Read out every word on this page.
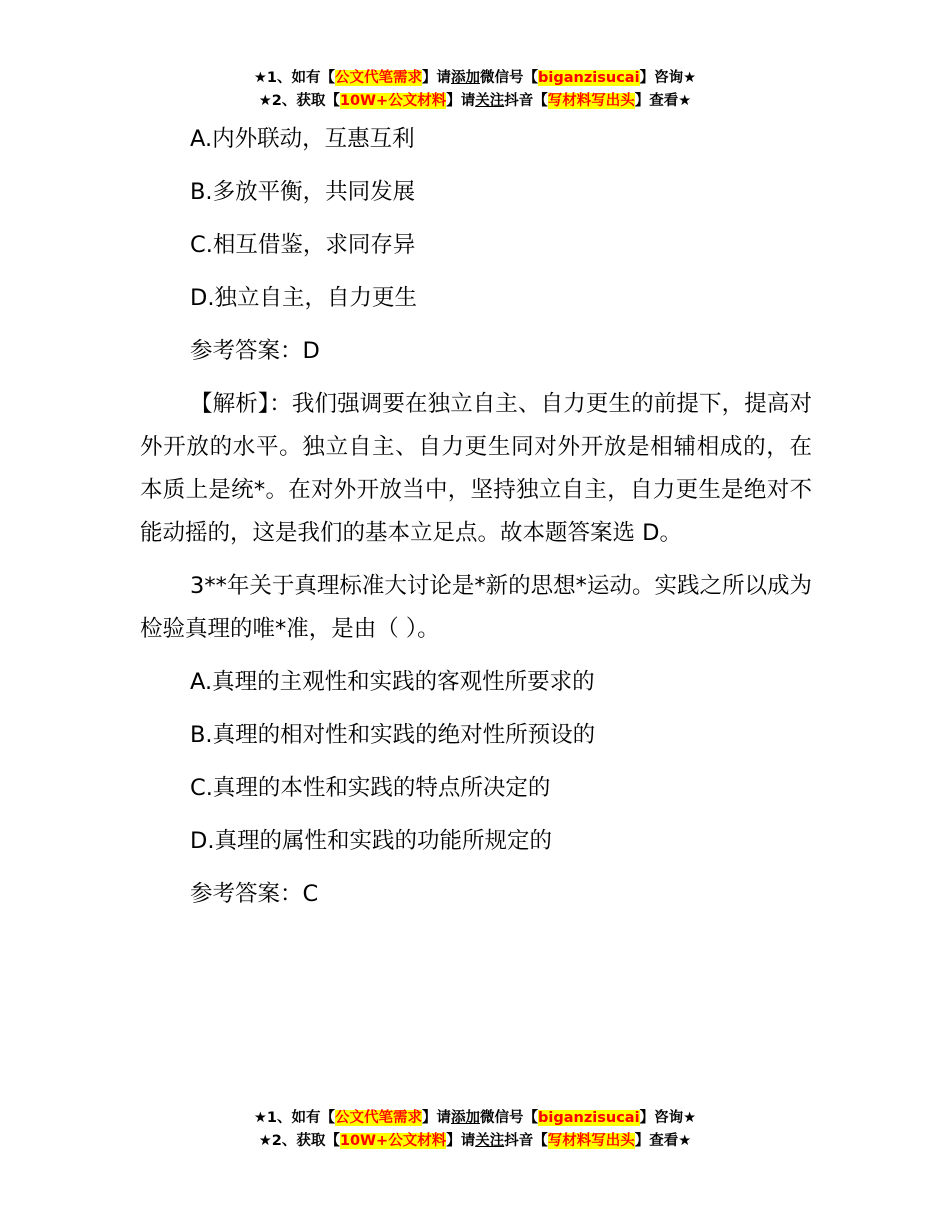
★1、如有【公文代笔需求】请添加微信号【biganzisucai】咨询★
★2、获取【10W+公文材料】请关注抖音【写材料写出头】查看★

A.内外联动，互惠互利

B.多放平衡，共同发展

C.相互借鉴，求同存异

D.独立自主，自力更生

参考答案：D

【解析】：我们强调要在独立自主、自力更生的前提下，提高对外开放的水平。独立自主、自力更生同对外开放是相辅相成的，在本质上是统*。在对外开放当中，坚持独立自主，自力更生是绝对不能动摇的，这是我们的基本立足点。故本题答案选 D。

3**年关于真理标准大讨论是*新的思想*运动。实践之所以成为检验真理的唯*准，是由（ ）。

A.真理的主观性和实践的客观性所要求的

B.真理的相对性和实践的绝对性所预设的

C.真理的本性和实践的特点所决定的

D.真理的属性和实践的功能所规定的

参考答案：C

★1、如有【公文代笔需求】请添加微信号【biganzisucai】咨询★
★2、获取【10W+公文材料】请关注抖音【写材料写出头】查看★
